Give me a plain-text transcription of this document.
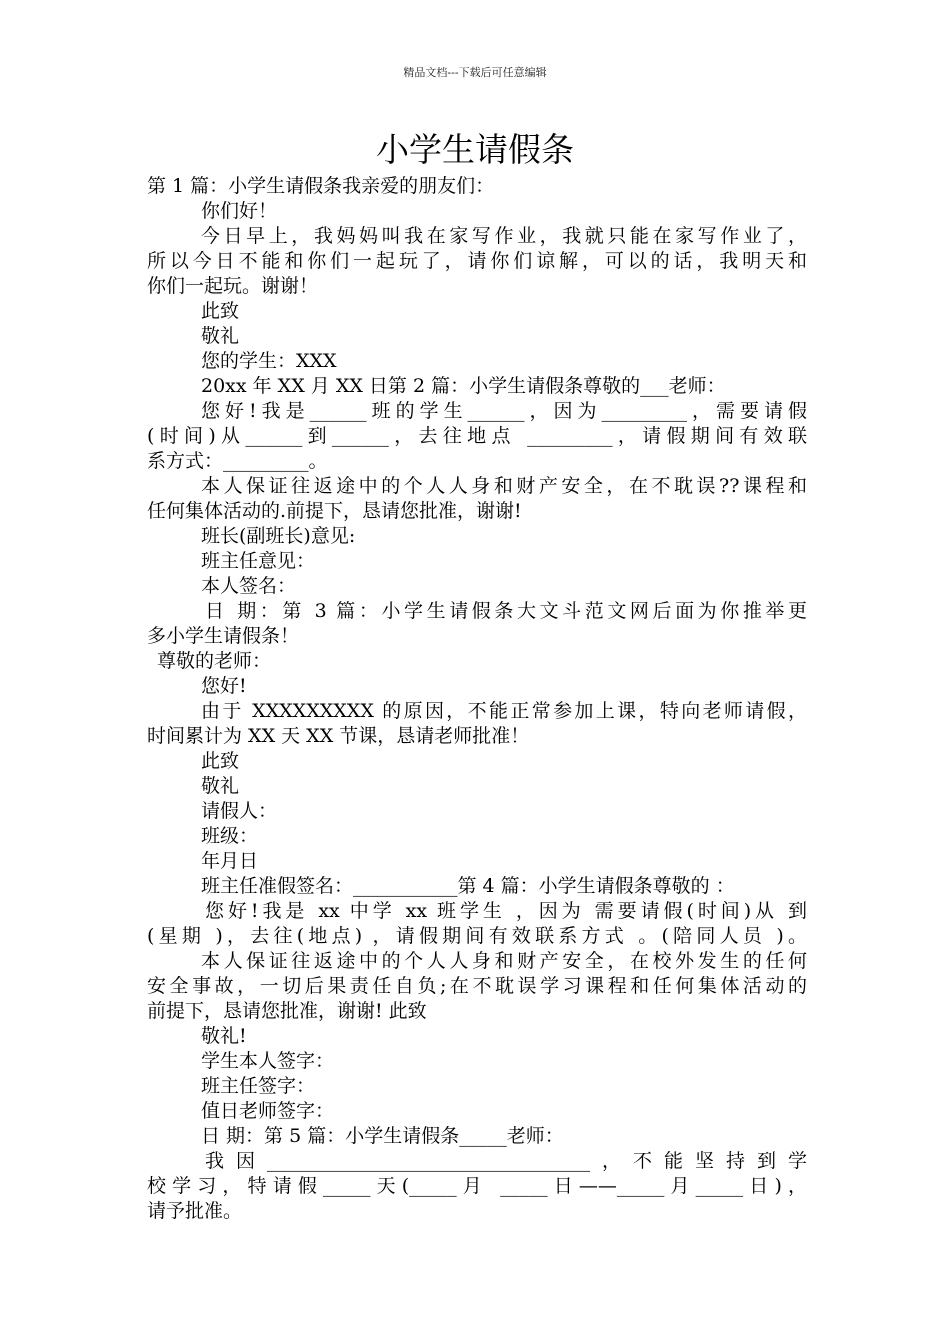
精品文档---下载后可任意编辑
小学生请假条

第 1 篇：小学生请假条我亲爱的朋友们：

你们好！

今日早上，我妈妈叫我在家写作业，我就只能在家写作业了，

所以今日不能和你们一起玩了，请你们谅解，可以的话，我明天和

你们一起玩。谢谢！

此致

敬礼

您的学生：XXX

20xx 年 XX 月 XX 日第 2 篇：小学生请假条尊敬的___老师：

您好!我是______班的学生______，因为_________，需要请假

(时间)从______到______，去往地点 _________，请假期间有效联

系方式：_________。

本人保证往返途中的个人人身和财产安全，在不耽误??课程和

任何集体活动的.前提下，恳请您批准，谢谢!

班长(副班长)意见:

班主任意见：

本人签名：

日 期：第 3 篇：小学生请假条大文斗范文网后面为你推举更

多小学生请假条！

尊敬的老师：

您好!

由于 XXXXXXXXX 的原因，不能正常参加上课，特向老师请假，

时间累计为 XX 天 XX 节课，恳请老师批准！

此致

敬礼

请假人：

班级：

年月日

班主任准假签名：___________第 4 篇：小学生请假条尊敬的 ：

您好!我是 xx 中学 xx 班学生 ，因为 需要请假(时间)从 到

(星期 )，去往(地点) ，请假期间有效联系方式 。(陪同人员 )。

本人保证往返途中的个人人身和财产安全，在校外发生的任何

安全事故，一切后果责任自负;在不耽误学习课程和任何集体活动的

前提下，恳请您批准，谢谢! 此致

敬礼!

学生本人签字：

班主任签字：

值日老师签字：

日 期：第 5 篇：小学生请假条_____老师：

我因__________________________________，不能坚持到学

校学习，特请假_____天(_____月 _____日——_____月_____日)，

请予批准。
